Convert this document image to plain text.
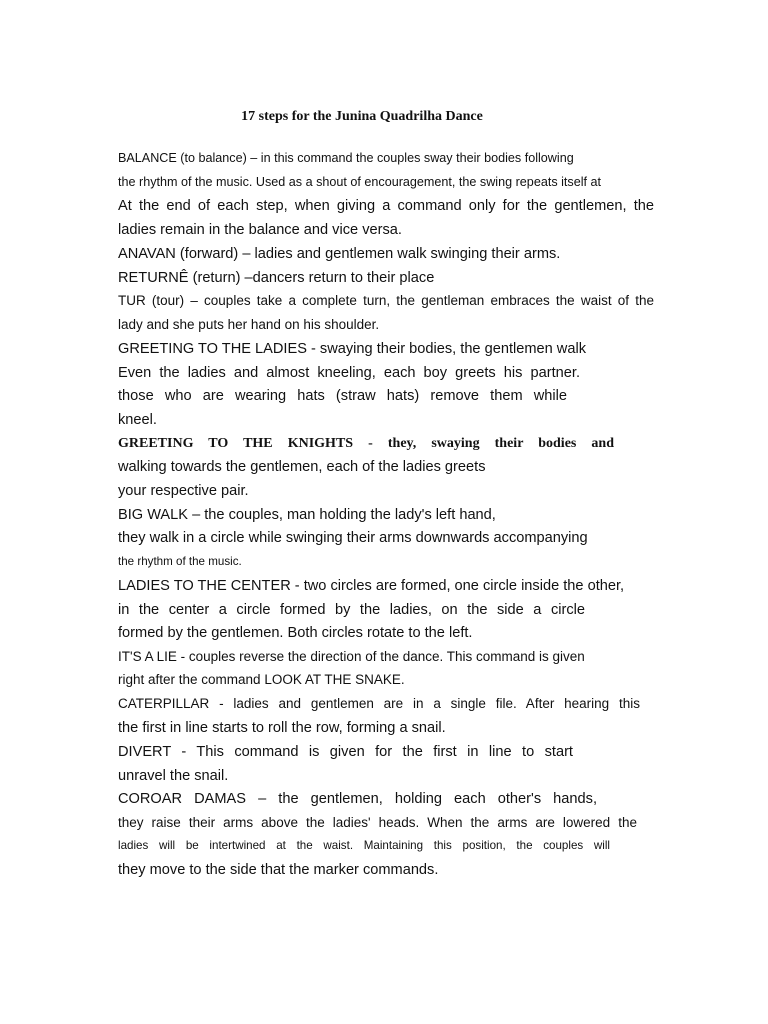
17 steps for the Junina Quadrilha Dance
BALANCE (to balance) – in this command the couples sway their bodies following
the rhythm of the music. Used as a shout of encouragement, the swing repeats itself at
At the end of each step, when giving a command only for the gentlemen, the
ladies remain in the balance and vice versa.
ANAVAN (forward) – ladies and gentlemen walk swinging their arms.
RETURNÊ (return) –dancers return to their place
TUR (tour) – couples take a complete turn, the gentleman embraces the waist of the
lady and she puts her hand on his shoulder.
GREETING TO THE LADIES - swaying their bodies, the gentlemen walk
Even the ladies and almost kneeling, each boy greets his partner.
those who are wearing hats (straw hats) remove them while
kneel.
GREETING TO THE KNIGHTS - they, swaying their bodies and
walking towards the gentlemen, each of the ladies greets
your respective pair.
BIG WALK – the couples, man holding the lady's left hand,
they walk in a circle while swinging their arms downwards accompanying
the rhythm of the music.
LADIES TO THE CENTER - two circles are formed, one circle inside the other,
in the center a circle formed by the ladies, on the side a circle
formed by the gentlemen. Both circles rotate to the left.
IT'S A LIE - couples reverse the direction of the dance. This command is given
right after the command LOOK AT THE SNAKE.
CATERPILLAR - ladies and gentlemen are in a single file. After hearing this
the first in line starts to roll the row, forming a snail.
DIVERT - This command is given for the first in line to start
unravel the snail.
COROAR DAMAS – the gentlemen, holding each other's hands,
they raise their arms above the ladies' heads. When the arms are lowered the
ladies will be intertwined at the waist. Maintaining this position, the couples will
they move to the side that the marker commands.
